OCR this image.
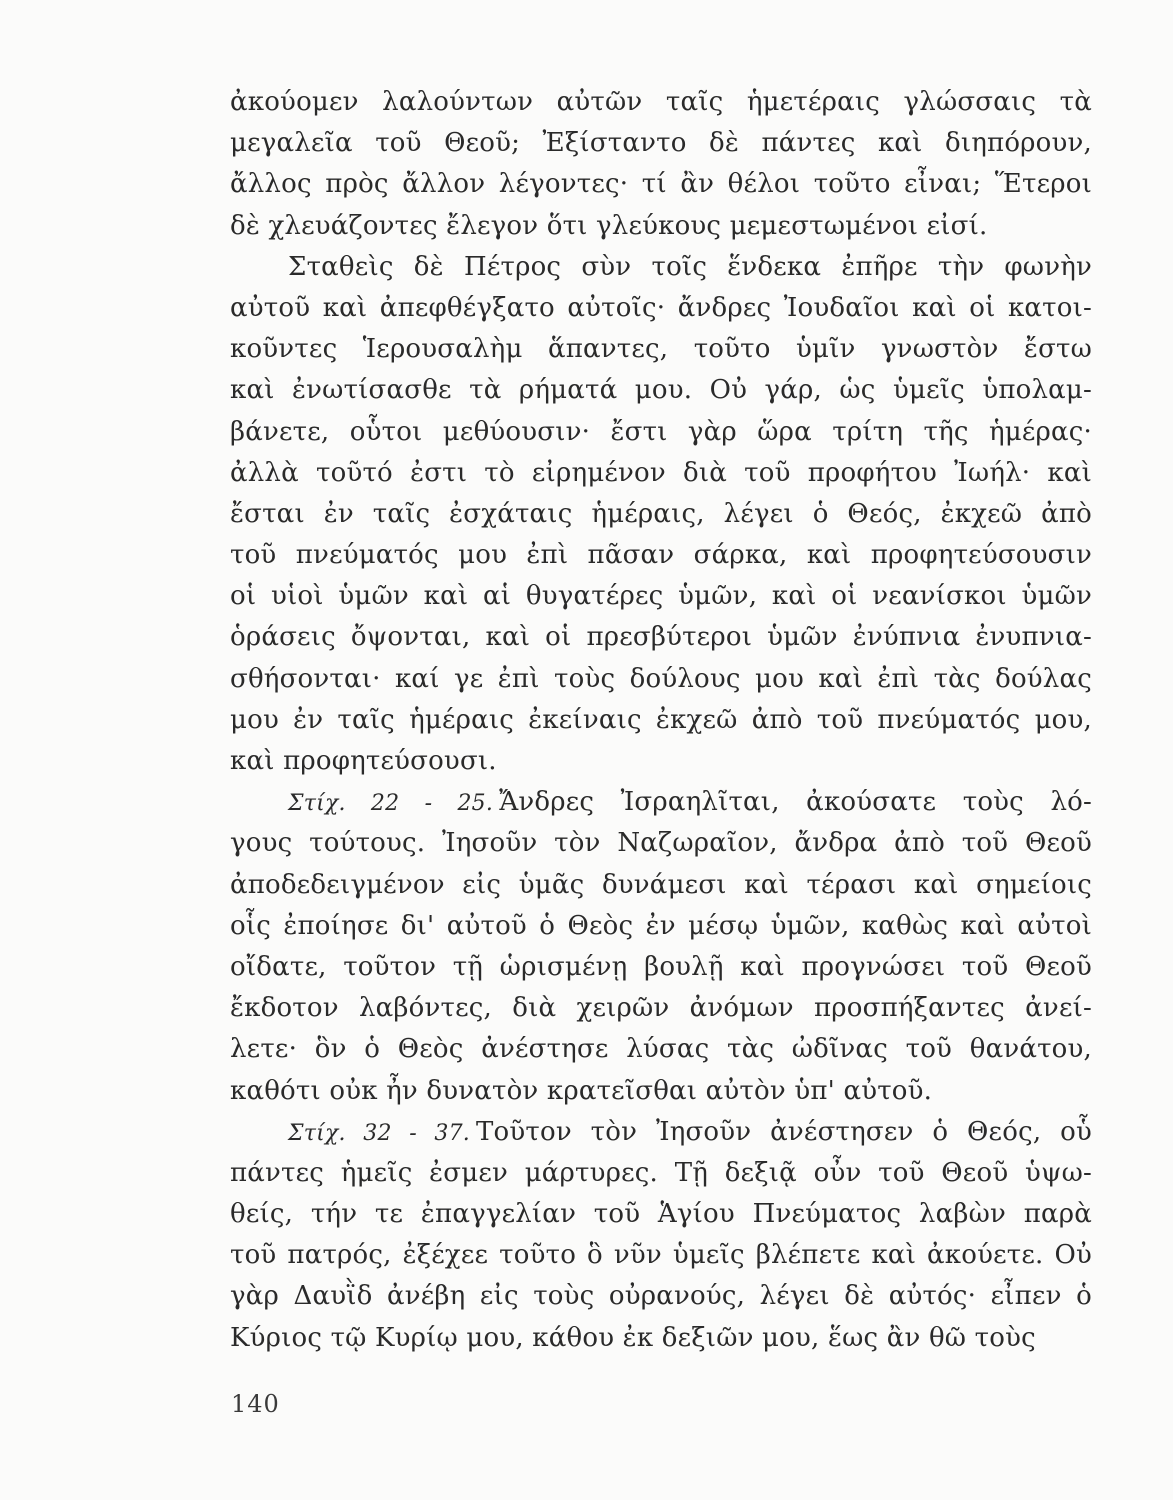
ἀκούομεν λαλούντων αὐτῶν ταῖς ἡμετέραις γλώσσαις τὰ
μεγαλεῖα τοῦ Θεοῦ; Ἐξίσταντο δὲ πάντες καὶ διηπόρουν,
ἄλλος πρὸς ἄλλον λέγοντες· τί ἂν θέλοι τοῦτο εἶναι; Ἕτεροι
δὲ χλευάζοντες ἔλεγον ὅτι γλεύκους μεμεστωμένοι εἰσί.
Σταθεὶς δὲ Πέτρος σὺν τοῖς ἕνδεκα ἐπῆρε τὴν φωνὴν
αὐτοῦ καὶ ἀπεφθέγξατο αὐτοῖς· ἄνδρες Ἰουδαῖοι καὶ οἱ κατοι-
κοῦντες Ἱερουσαλὴμ ἅπαντες, τοῦτο ὑμῖν γνωστὸν ἔστω
καὶ ἐνωτίσασθε τὰ ρήματά μου. Οὐ γάρ, ὡς ὑμεῖς ὑπολαμ-
βάνετε, οὗτοι μεθύουσιν· ἔστι γὰρ ὥρα τρίτη τῆς ἡμέρας·
ἀλλὰ τοῦτό ἐστι τὸ εἰρημένον διὰ τοῦ προφήτου Ἰωήλ· καὶ
ἔσται ἐν ταῖς ἐσχάταις ἡμέραις, λέγει ὁ Θεός, ἐκχεῶ ἀπὸ
τοῦ πνεύματός μου ἐπὶ πᾶσαν σάρκα, καὶ προφητεύσουσιν
οἱ υἱοὶ ὑμῶν καὶ αἱ θυγατέρες ὑμῶν, καὶ οἱ νεανίσκοι ὑμῶν
ὁράσεις ὄψονται, καὶ οἱ πρεσβύτεροι ὑμῶν ἐνύπνια ἐνυπνια-
σθήσονται· καί γε ἐπὶ τοὺς δούλους μου καὶ ἐπὶ τὰς δούλας
μου ἐν ταῖς ἡμέραις ἐκείναις ἐκχεῶ ἀπὸ τοῦ πνεύματός μου,
καὶ προφητεύσουσι.
Στίχ. 22 - 25. Ἄνδρες Ἰσραηλῖται, ἀκούσατε τοὺς λό-
γους τούτους. Ἰησοῦν τὸν Ναζωραῖον, ἄνδρα ἀπὸ τοῦ Θεοῦ
ἀποδεδειγμένον εἰς ὑμᾶς δυνάμεσι καὶ τέρασι καὶ σημείοις
οἷς ἐποίησε δι' αὐτοῦ ὁ Θεὸς ἐν μέσῳ ὑμῶν, καθὼς καὶ αὐτοὶ
οἴδατε, τοῦτον τῇ ὡρισμένῃ βουλῇ καὶ προγνώσει τοῦ Θεοῦ
ἔκδοτον λαβόντες, διὰ χειρῶν ἀνόμων προσπήξαντες ἀνεί-
λετε· ὃν ὁ Θεὸς ἀνέστησε λύσας τὰς ὠδῖνας τοῦ θανάτου,
καθότι οὐκ ἦν δυνατὸν κρατεῖσθαι αὐτὸν ὑπ' αὐτοῦ.
Στίχ. 32 - 37. Τοῦτον τὸν Ἰησοῦν ἀνέστησεν ὁ Θεός, οὗ
πάντες ἡμεῖς ἐσμεν μάρτυρες. Τῇ δεξιᾷ οὖν τοῦ Θεοῦ ὑψω-
θείς, τήν τε ἐπαγγελίαν τοῦ Ἁγίου Πνεύματος λαβὼν παρὰ
τοῦ πατρός, ἐξέχεε τοῦτο ὃ νῦν ὑμεῖς βλέπετε καὶ ἀκούετε. Οὐ
γὰρ Δαυῒδ ἀνέβη εἰς τοὺς οὐρανούς, λέγει δὲ αὐτός· εἶπεν ὁ
Κύριος τῷ Κυρίῳ μου, κάθου ἐκ δεξιῶν μου, ἕως ἂν θῶ τοὺς
140
